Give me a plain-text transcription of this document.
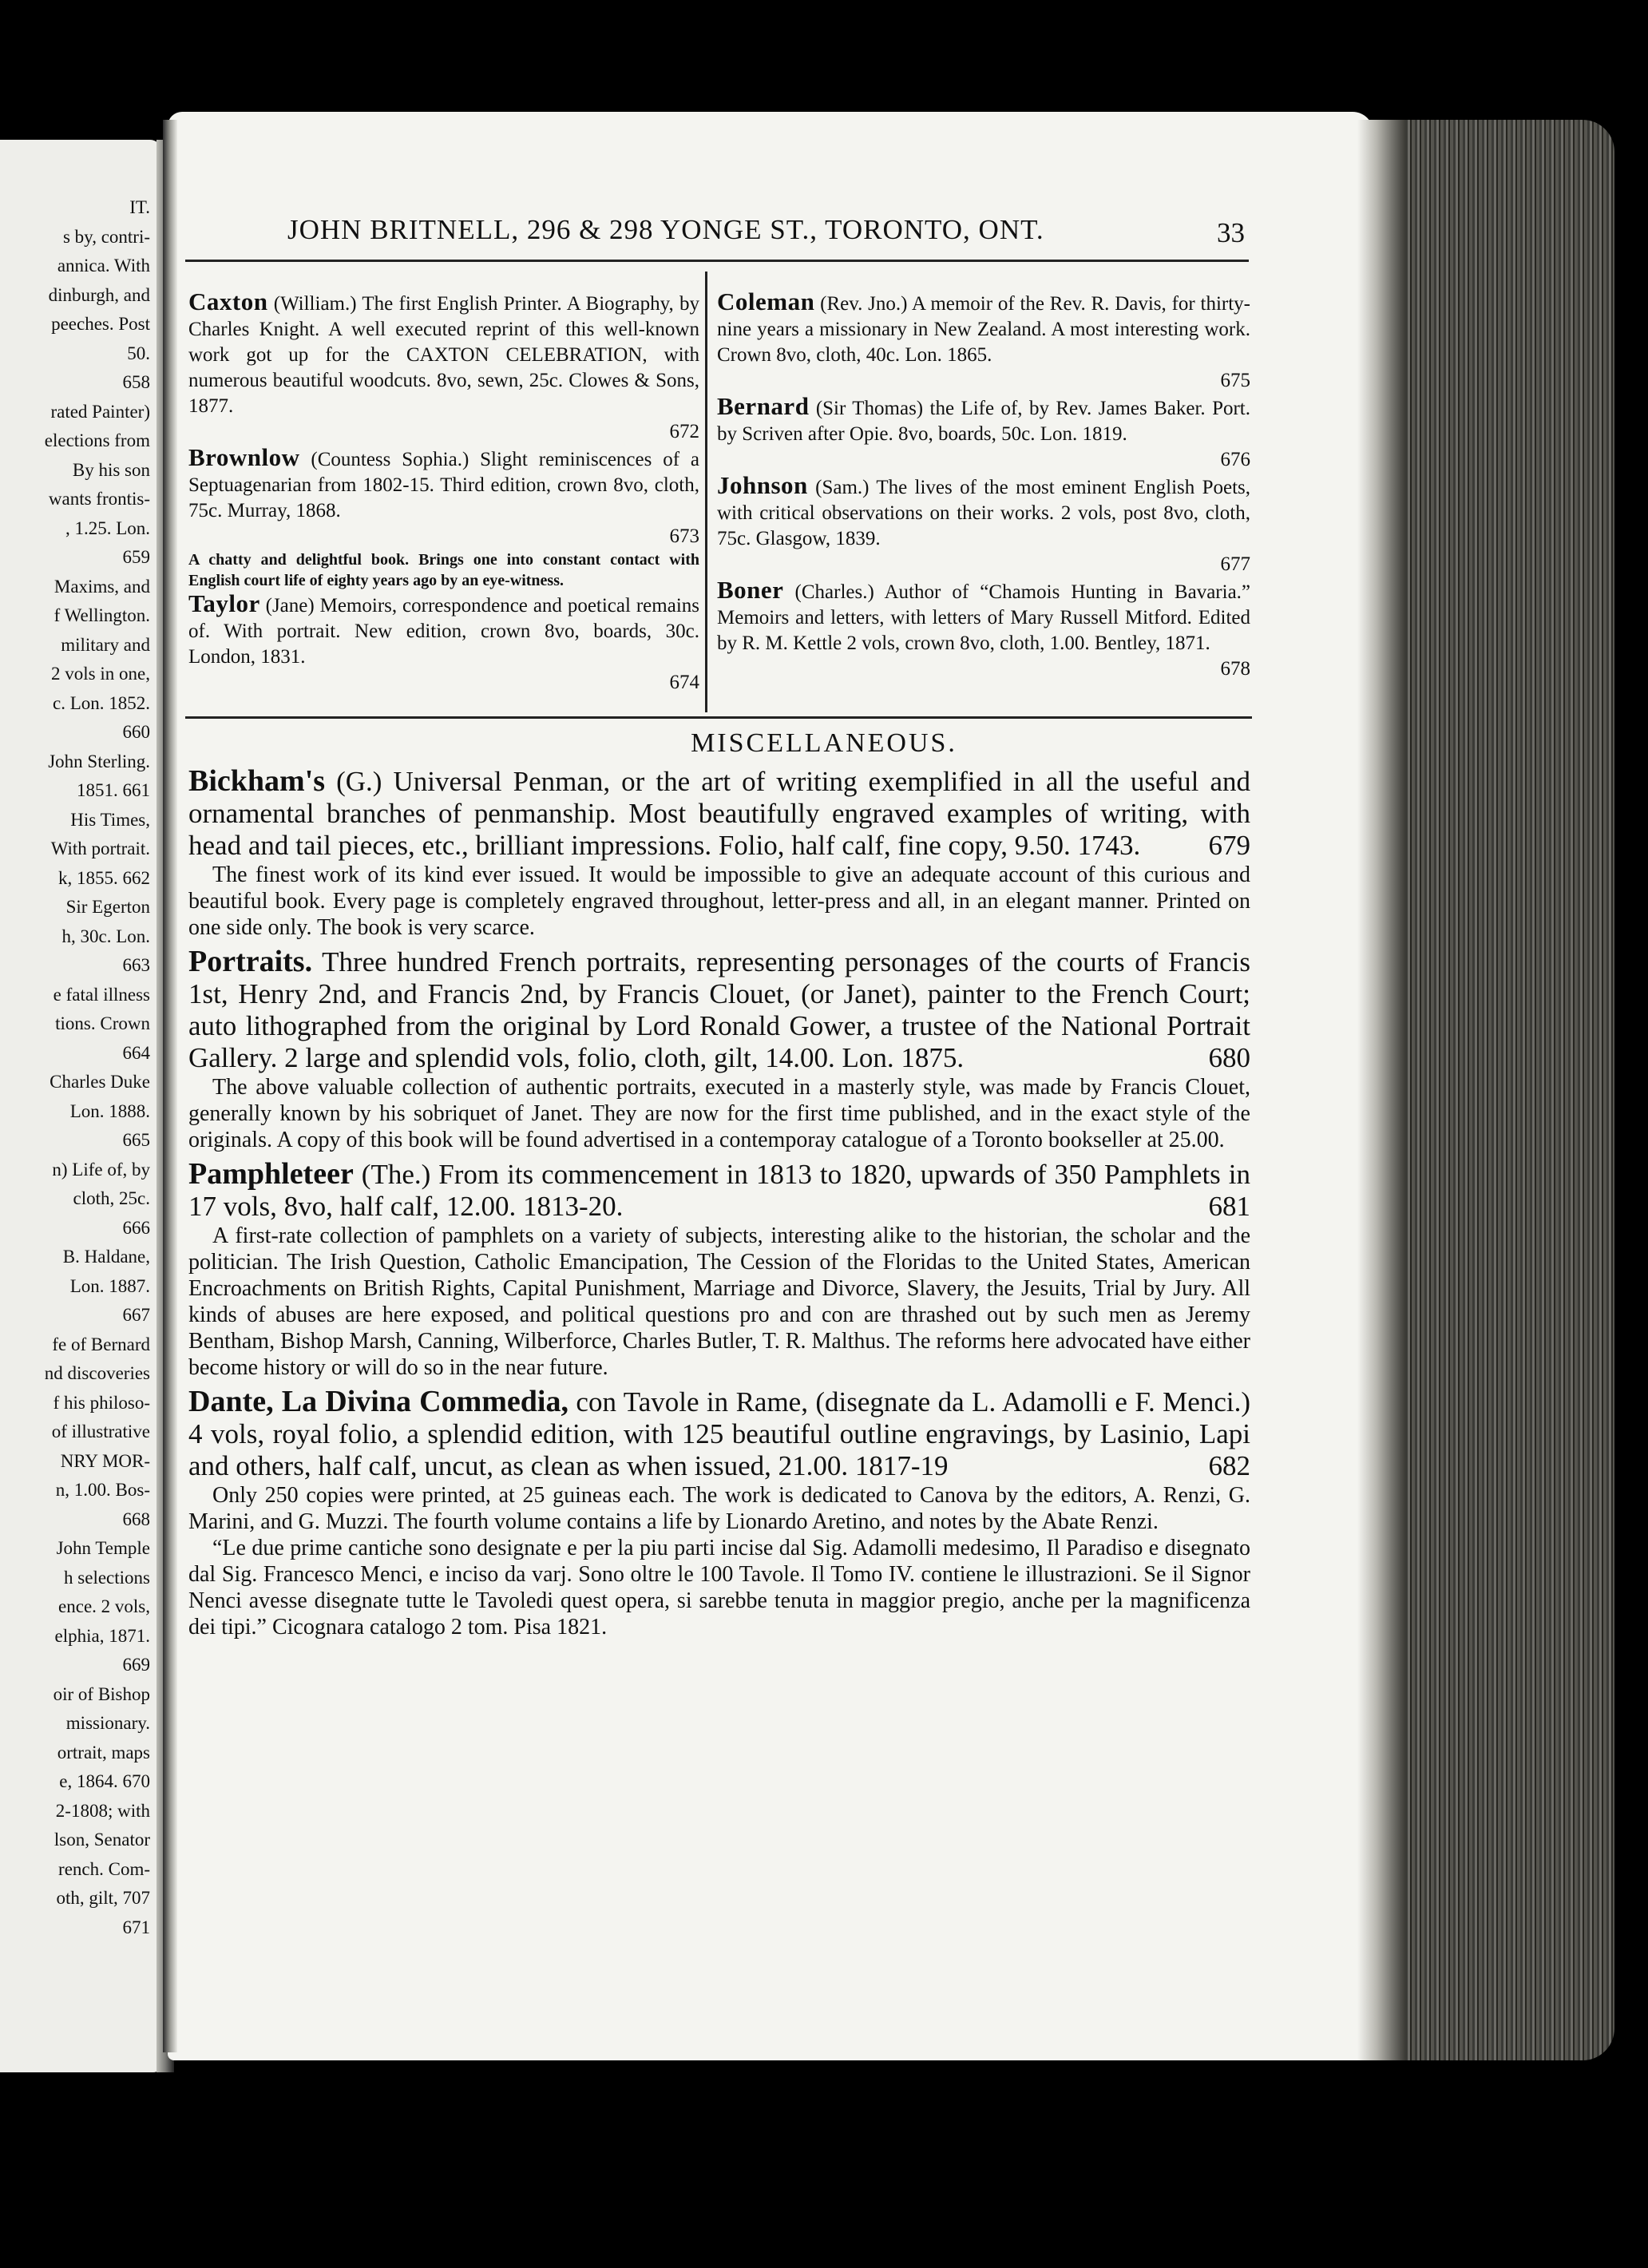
IT.
s by, contri-
annica. With
dinburgh, and
peeches. Post
50.
658
rated Painter)
elections from
By his son
wants frontis-
, 1.25. Lon.
659
Maxims, and
f Wellington.
military and
2 vols in one,
c. Lon. 1852.
660
John Sterling.
1851. 661
His Times,
With portrait.
k, 1855. 662
Sir Egerton
h, 30c. Lon.
663
e fatal illness
tions. Crown
664
Charles Duke
Lon. 1888.
665
n) Life of, by
cloth, 25c.
666
B. Haldane,
Lon. 1887.
667
fe of Bernard
nd discoveries
f his philoso-
of illustrative
NRY MOR-
n, 1.00. Bos-
668
John Temple
h selections
ence. 2 vols,
elphia, 1871.
669
oir of Bishop
missionary.
ortrait, maps
e, 1864. 670
2-1808; with
lson, Senator
rench. Com-
oth, gilt, 707
671
JOHN BRITNELL, 296 & 298 YONGE ST., TORONTO, ONT.	33

Caxton (William.) The first English Printer. A Biography, by Charles Knight. A well executed reprint of this well-known work got up for the CAXTON CELEBRATION, with numerous beautiful woodcuts. 8vo, sewn, 25c. Clowes & Sons, 1877.
672

Brownlow (Countess Sophia.) Slight reminiscences of a Septuagenarian from 1802-15. Third edition, crown 8vo, cloth, 75c. Murray, 1868.
673
A chatty and delightful book. Brings one into constant contact with English court life of eighty years ago by an eye-witness.

Taylor (Jane) Memoirs, correspondence and poetical remains of. With portrait. New edition, crown 8vo, boards, 30c. London, 1831.
674

Coleman (Rev. Jno.) A memoir of the Rev. R. Davis, for thirty-nine years a missionary in New Zealand. A most interesting work. Crown 8vo, cloth, 40c. Lon. 1865.
675

Bernard (Sir Thomas) the Life of, by Rev. James Baker. Port. by Scriven after Opie. 8vo, boards, 50c. Lon. 1819.
676

Johnson (Sam.) The lives of the most eminent English Poets, with critical observations on their works. 2 vols, post 8vo, cloth, 75c. Glasgow, 1839.
677

Boner (Charles.) Author of “Chamois Hunting in Bavaria.” Memoirs and letters, with letters of Mary Russell Mitford. Edited by R. M. Kettle 2 vols, crown 8vo, cloth, 1.00. Bentley, 1871.
678

MISCELLANEOUS.

Bickham's (G.) Universal Penman, or the art of writing exemplified in all the useful and ornamental branches of penmanship. Most beautifully engraved examples of writing, with head and tail pieces, etc., brilliant impressions. Folio, half calf, fine copy, 9.50. 1743. 679

The finest work of its kind ever issued. It would be impossible to give an adequate account of this curious and beautiful book. Every page is completely engraved throughout, letter-press and all, in an elegant manner. Printed on one side only. The book is very scarce.

Portraits. Three hundred French portraits, representing personages of the courts of Francis 1st, Henry 2nd, and Francis 2nd, by Francis Clouet, (or Janet), painter to the French Court; auto lithographed from the original by Lord Ronald Gower, a trustee of the National Portrait Gallery. 2 large and splendid vols, folio, cloth, gilt, 14.00. Lon. 1875.	680

The above valuable collection of authentic portraits, executed in a masterly style, was made by Francis Clouet, generally known by his sobriquet of Janet. They are now for the first time published, and in the exact style of the originals. A copy of this book will be found advertised in a contemporay catalogue of a Toronto bookseller at 25.00.

Pamphleteer (The.) From its commencement in 1813 to 1820, upwards of 350 Pamphlets in 17 vols, 8vo, half calf, 12.00. 1813-20.	681

A first-rate collection of pamphlets on a variety of subjects, interesting alike to the historian, the scholar and the politician. The Irish Question, Catholic Emancipation, The Cession of the Floridas to the United States, American Encroachments on British Rights, Capital Punishment, Marriage and Divorce, Slavery, the Jesuits, Trial by Jury. All kinds of abuses are here exposed, and political questions pro and con are thrashed out by such men as Jeremy Bentham, Bishop Marsh, Canning, Wilberforce, Charles Butler, T. R. Malthus. The reforms here advocated have either become history or will do so in the near future.

Dante, La Divina Commedia, con Tavole in Rame, (disegnate da L. Adamolli e F. Menci.) 4 vols, royal folio, a splendid edition, with 125 beautiful outline engravings, by Lasinio, Lapi and others, half calf, uncut, as clean as when issued, 21.00. 1817-19	682

Only 250 copies were printed, at 25 guineas each. The work is dedicated to Canova by the editors, A. Renzi, G. Marini, and G. Muzzi. The fourth volume contains a life by Lionardo Aretino, and notes by the Abate Renzi.

“Le due prime cantiche sono designate e per la piu parti incise dal Sig. Adamolli medesimo, Il Paradiso e disegnato dal Sig. Francesco Menci, e inciso da varj. Sono oltre le 100 Tavole. Il Tomo IV. contiene le illustrazioni. Se il Signor Nenci avesse disegnate tutte le Tavoledi quest opera, si sarebbe tenuta in maggior pregio, anche per la magnificenza dei tipi.” Cicognara catalogo 2 tom. Pisa 1821.
